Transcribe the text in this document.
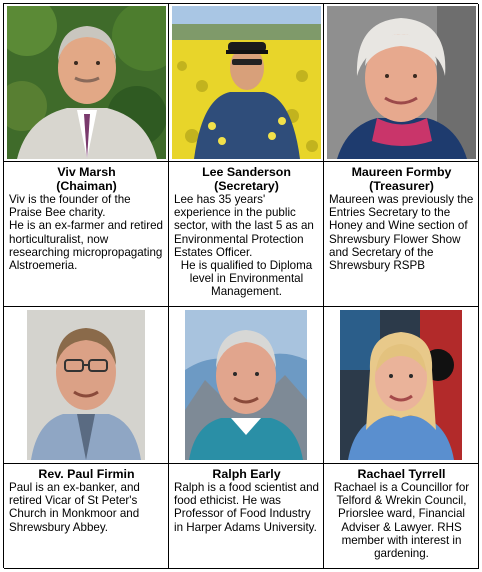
Viv Marsh
(Chaiman)

Viv is the founder of the Praise Bee charity.

He is an ex-farmer and retired horticulturalist, now researching micropropagating Alstroemeria.

Lee Sanderson
(Secretary)

Lee has 35 years' experience in the public sector, with the last 5 as an Environmental Protection Estates Officer.

He is qualified to Diploma level in Environmental Management.

Maureen Formby
(Treasurer)

Maureen was previously the Entries Secretary to the Honey and Wine section of Shrewsbury Flower Show and Secretary of the Shrewsbury RSPB

Rev. Paul Firmin

Paul is an ex-banker, and retired Vicar of St Peter's Church in Monkmoor and Shrewsbury Abbey.

Ralph Early

Ralph is a food scientist and food ethicist. He was Professor of Food Industry in Harper Adams University.

Rachael Tyrrell

Rachael is a Councillor for Telford & Wrekin Council, Priorslee ward, Financial Adviser & Lawyer. RHS member with interest in gardening.
